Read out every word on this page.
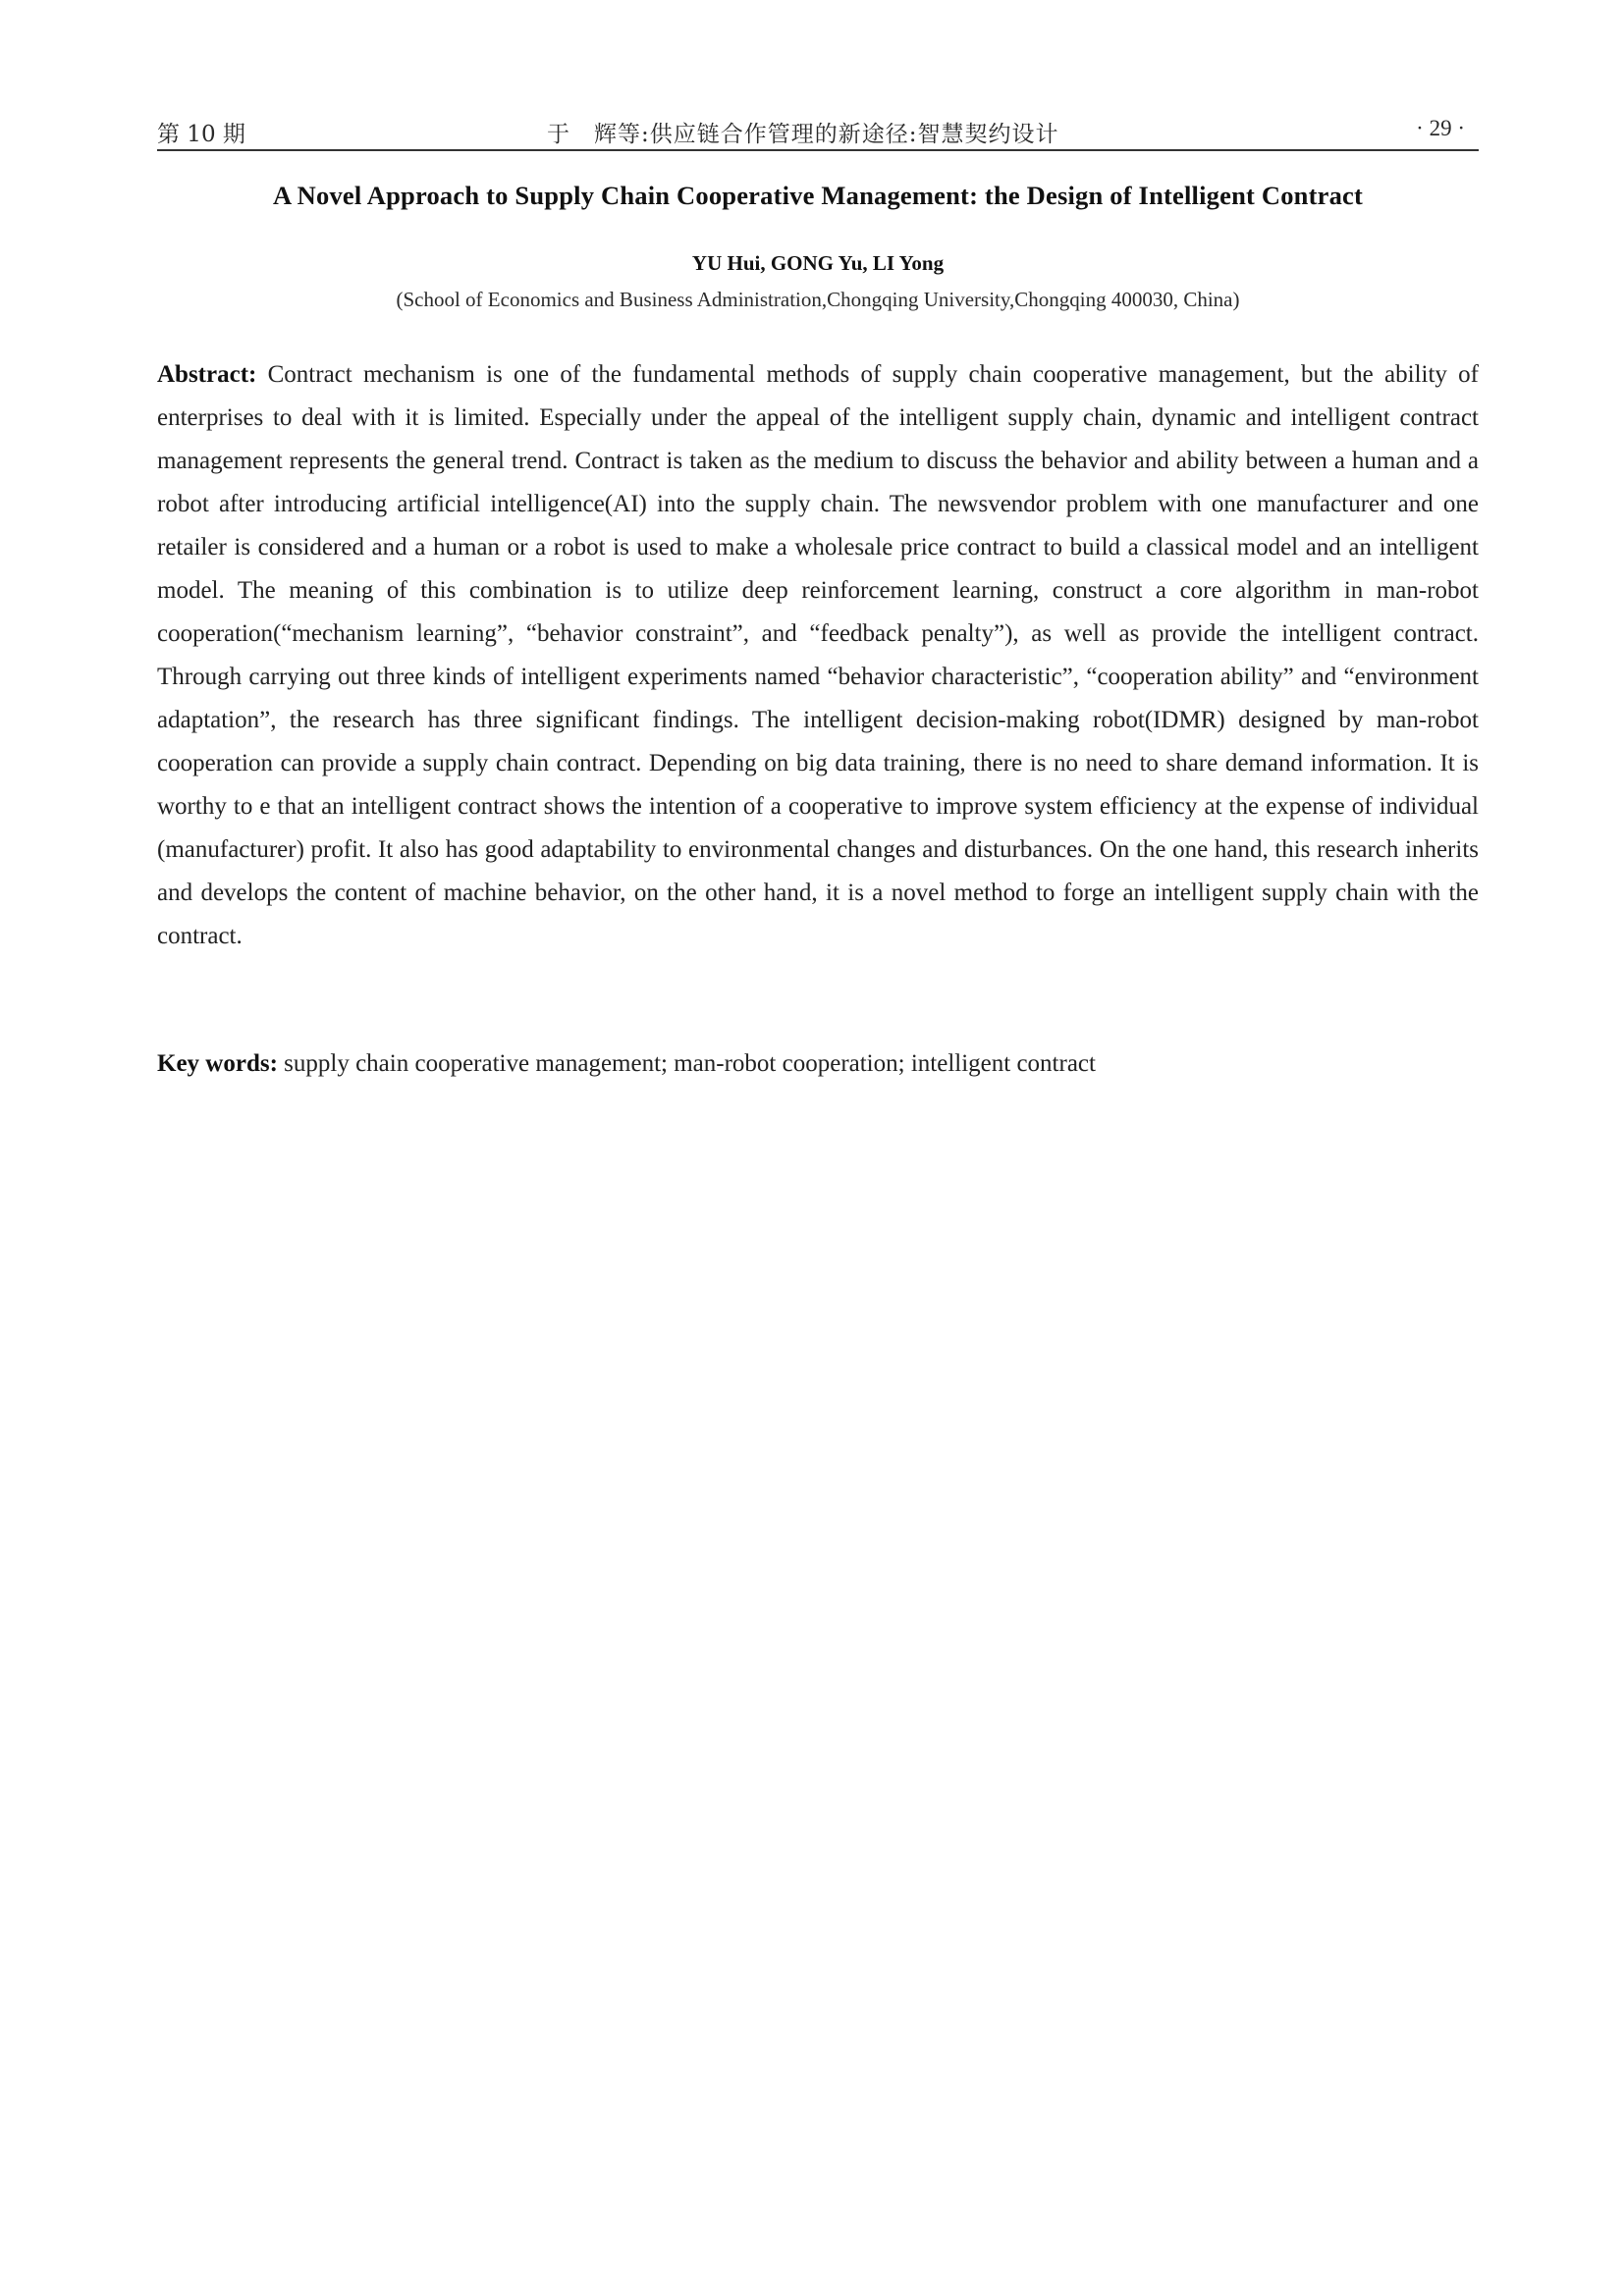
第 10 期	于　辉等:供应链合作管理的新途径:智慧契约设计	· 29 ·
A Novel Approach to Supply Chain Cooperative Management: the Design of Intelligent Contract
YU Hui, GONG Yu, LI Yong
(School of Economics and Business Administration,Chongqing University,Chongqing 400030, China)

Abstract: Contract mechanism is one of the fundamental methods of supply chain cooperative management, but the ability of enterprises to deal with it is limited. Especially under the appeal of the intelligent supply chain, dynamic and intelligent contract management represents the general trend. Contract is taken as the medium to discuss the behavior and ability between a human and a robot after introducing artificial intelligence(AI) into the supply chain. The newsvendor problem with one manufacturer and one retailer is considered and a human or a robot is used to make a wholesale price contract to build a classical model and an intelligent model. The meaning of this combination is to utilize deep reinforcement learning, construct a core algorithm in man-robot cooperation(“mechanism learning”, “behavior constraint”, and “feedback penalty”), as well as provide the intelligent contract. Through carrying out three kinds of intelligent experiments named “behavior characteristic”, “cooperation ability” and “environment adaptation”, the research has three significant findings. The intelligent decision-making robot(IDMR) designed by man-robot cooperation can provide a supply chain contract. Depending on big data training, there is no need to share demand information. It is worthy to e that an intelligent contract shows the intention of a cooperative to improve system efficiency at the expense of individual (manufacturer) profit. It also has good adaptability to environmental changes and disturbances. On the one hand, this research inherits and develops the content of machine behavior, on the other hand, it is a novel method to forge an intelligent supply chain with the contract.

Key words: supply chain cooperative management; man-robot cooperation; intelligent contract
